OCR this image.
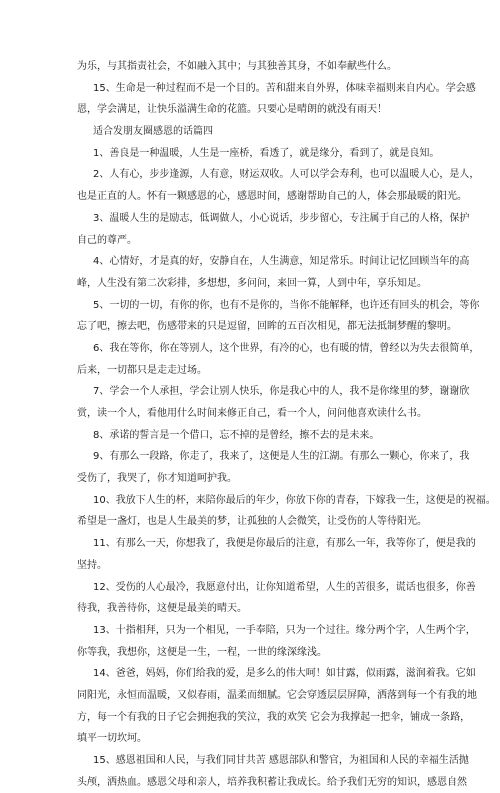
为乐，与其指责社会，不如融入其中；与其独善其身，不如奉献些什么。
15、生命是一种过程而不是一个目的。苦和甜来自外界，体味幸福则来自内心。学会感
恩，学会满足，让快乐溢满生命的花篮。只要心是晴朗的就没有雨天！
适合发朋友圈感恩的话篇四
1、善良是一种温暖，人生是一座桥，看透了，就是缘分，看到了，就是良知。
2、人有心，步步逢源，人有意，财运双收。人可以学会寿利，也可以温暖人心，是人，
也是正直的人。怀有一颗感恩的心，感恩时间，感谢帮助自己的人，体会那最暖的阳光。
3、温暖人生的是励志，低调做人，小心说话，步步留心，专注属于自己的人格，保护
自己的尊严。
4、心情好，才是真的好，安静自在，人生满意，知足常乐。时间让记忆回顾当年的高
峰，人生没有第二次彩排，多想想，多问问，来回一算，人到中年，享乐知足。
5、一切的一切，有你的你，也有不是你的，当你不能解释，也许还有回头的机会，等你
忘了吧，擦去吧，伤感带来的只是逗留，回眸的五百次相见，都无法抵制梦醒的黎明。
6、我在等你，你在等别人，这个世界，有冷的心，也有暖的情，曾经以为失去很简单，
后来，一切都只是走走过场。
7、学会一个人承担，学会让别人快乐，你是我心中的人，我不是你缘里的梦，谢谢欣
赏，读一个人，看他用什么时间来修正自己，看一个人，问问他喜欢读什么书。
8、承诺的誓言是一个借口，忘不掉的是曾经，擦不去的是未来。
9、有那么一段路，你走了，我来了，这便是人生的江湖。有那么一颗心，你来了，我
受伤了，我哭了，你才知道呵护我。
10、我放下人生的杯，来陪你最后的年少，你放下你的青春，下嫁我一生，这便是的祝福。
希望是一盏灯，也是人生最美的梦，让孤独的人会微笑，让受伤的人等待阳光。
11、有那么一天，你想我了，我便是你最后的注意，有那么一年，我等你了，便是我的
坚持。
12、受伤的人心最冷，我愿意付出，让你知道希望，人生的苦很多，谎话也很多，你善
待我，我善待你，这便是最美的晴天。
13、十指相拜，只为一个相见，一手奉陪，只为一个过往。缘分两个字，人生两个字，
你等我，我想你，这便是一生，一程，一世的缘深缘浅。
14、爸爸，妈妈，你们给我的爱，是多么的伟大呵！如甘露，似雨露，滋润着我。它如
同阳光，永恒而温暖，又似春雨，温柔而细腻。它会穿透层层屏障，洒落到每一个有我的地
方，每一个有我的日子它会拥抱我的笑泣，我的欢笑 它会为我撑起一把伞，铺成一条路，
填平一切坎坷。
15、感恩祖国和人民，与我们同甘共苦 感恩部队和警官，为祖国和人民的幸福生活抛
头颅，洒热血。感恩父母和亲人，培养我积蓄让我成长。给予我们无穷的知识，感恩自然
